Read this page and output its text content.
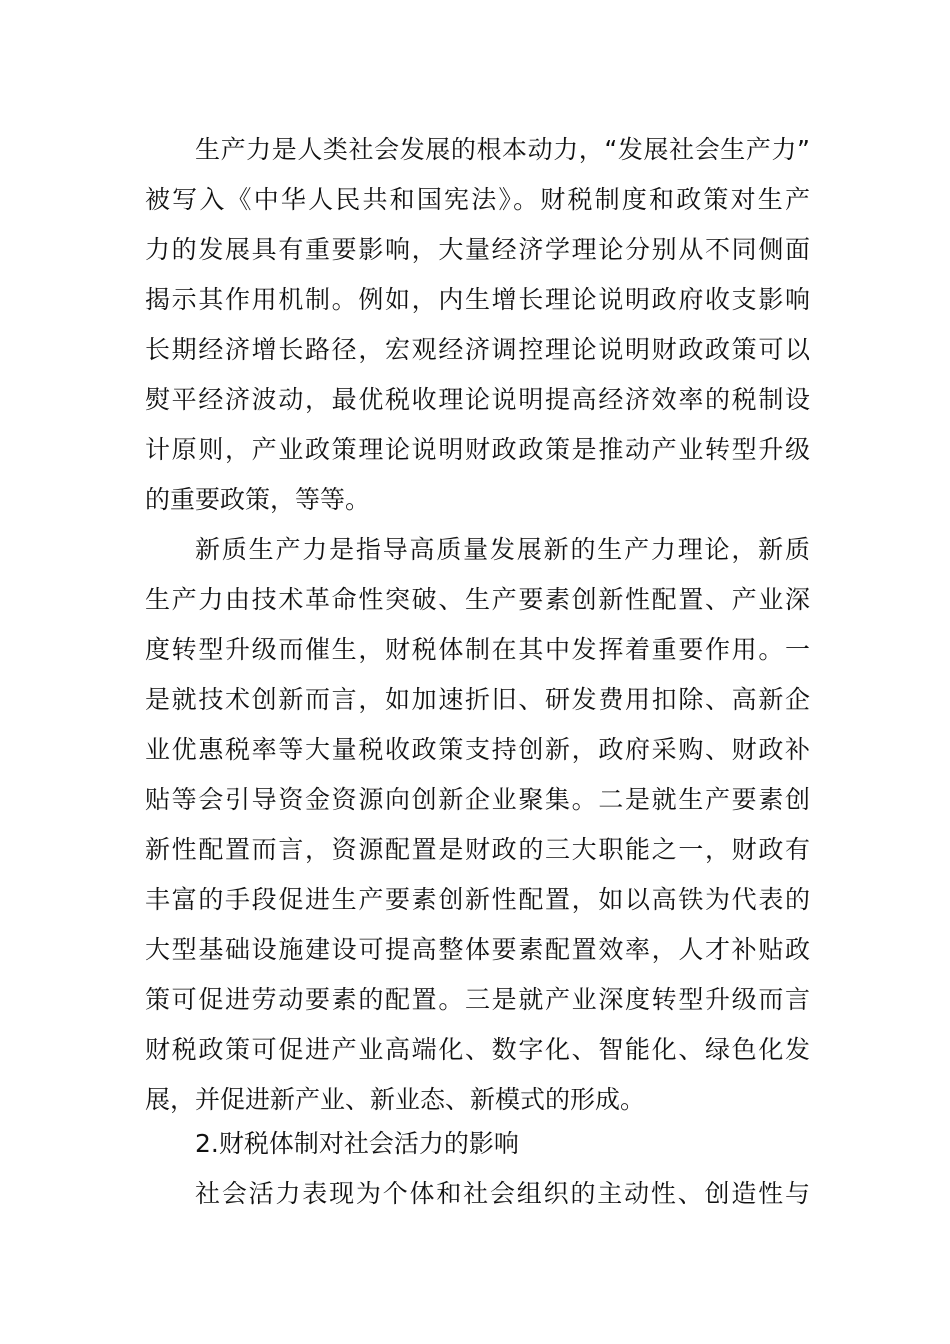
生产力是人类社会发展的根本动力，“发展社会生产力”
被写入《中华人民共和国宪法》。财税制度和政策对生产
力的发展具有重要影响，大量经济学理论分别从不同侧面
揭示其作用机制。例如，内生增长理论说明政府收支影响
长期经济增长路径，宏观经济调控理论说明财政政策可以
熨平经济波动，最优税收理论说明提高经济效率的税制设
计原则，产业政策理论说明财政政策是推动产业转型升级
的重要政策，等等。
新质生产力是指导高质量发展新的生产力理论，新质
生产力由技术革命性突破、生产要素创新性配置、产业深
度转型升级而催生，财税体制在其中发挥着重要作用。一
是就技术创新而言，如加速折旧、研发费用扣除、高新企
业优惠税率等大量税收政策支持创新，政府采购、财政补
贴等会引导资金资源向创新企业聚集。二是就生产要素创
新性配置而言，资源配置是财政的三大职能之一，财政有
丰富的手段促进生产要素创新性配置，如以高铁为代表的
大型基础设施建设可提高整体要素配置效率，人才补贴政
策可促进劳动要素的配置。三是就产业深度转型升级而言
财税政策可促进产业高端化、数字化、智能化、绿色化发
展，并促进新产业、新业态、新模式的形成。
2.财税体制对社会活力的影响
社会活力表现为个体和社会组织的主动性、创造性与
